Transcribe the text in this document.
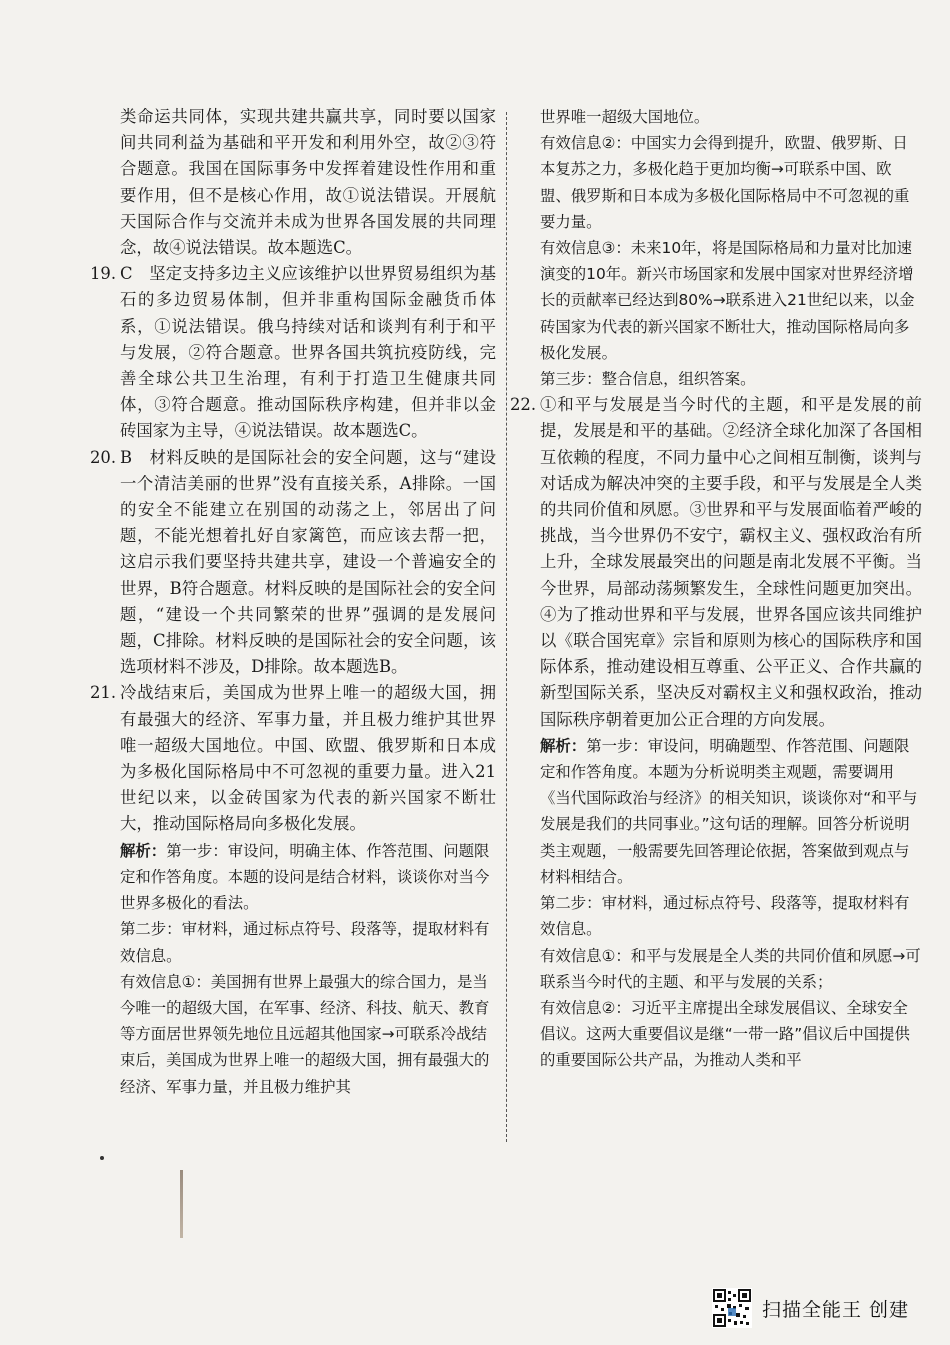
类命运共同体，实现共建共赢共享，同时要以国家间共同利益为基础和平开发和利用外空，故②③符合题意。我国在国际事务中发挥着建设性作用和重要作用，但不是核心作用，故①说法错误。开展航天国际合作与交流并未成为世界各国发展的共同理念，故④说法错误。故本题选C。

19. C　坚定支持多边主义应该维护以世界贸易组织为基石的多边贸易体制，但并非重构国际金融货币体系，①说法错误。俄乌持续对话和谈判有利于和平与发展，②符合题意。世界各国共筑抗疫防线，完善全球公共卫生治理，有利于打造卫生健康共同体，③符合题意。推动国际秩序构建，但并非以金砖国家为主导，④说法错误。故本题选C。

20. B　材料反映的是国际社会的安全问题，这与“建设一个清洁美丽的世界”没有直接关系，A排除。一国的安全不能建立在别国的动荡之上，邻居出了问题，不能光想着扎好自家篱笆，而应该去帮一把，这启示我们要坚持共建共享，建设一个普遍安全的世界，B符合题意。材料反映的是国际社会的安全问题，“建设一个共同繁荣的世界”强调的是发展问题，C排除。材料反映的是国际社会的安全问题，该选项材料不涉及，D排除。故本题选B。

21. 冷战结束后，美国成为世界上唯一的超级大国，拥有最强大的经济、军事力量，并且极力维护其世界唯一超级大国地位。中国、欧盟、俄罗斯和日本成为多极化国际格局中不可忽视的重要力量。进入21世纪以来，以金砖国家为代表的新兴国家不断壮大，推动国际格局向多极化发展。

解析：第一步：审设问，明确主体、作答范围、问题限定和作答角度。本题的设问是结合材料，谈谈你对当今世界多极化的看法。

第二步：审材料，通过标点符号、段落等，提取材料有效信息。

有效信息①：美国拥有世界上最强大的综合国力，是当今唯一的超级大国，在军事、经济、科技、航天、教育等方面居世界领先地位且远超其他国家→可联系冷战结束后，美国成为世界上唯一的超级大国，拥有最强大的经济、军事力量，并且极力维护其

世界唯一超级大国地位。

有效信息②：中国实力会得到提升，欧盟、俄罗斯、日本复苏之力，多极化趋于更加均衡→可联系中国、欧盟、俄罗斯和日本成为多极化国际格局中不可忽视的重要力量。

有效信息③：未来10年，将是国际格局和力量对比加速演变的10年。新兴市场国家和发展中国家对世界经济增长的贡献率已经达到80%→联系进入21世纪以来，以金砖国家为代表的新兴国家不断壮大，推动国际格局向多极化发展。

第三步：整合信息，组织答案。

22. ①和平与发展是当今时代的主题，和平是发展的前提，发展是和平的基础。②经济全球化加深了各国相互依赖的程度，不同力量中心之间相互制衡，谈判与对话成为解决冲突的主要手段，和平与发展是全人类的共同价值和夙愿。③世界和平与发展面临着严峻的挑战，当今世界仍不安宁，霸权主义、强权政治有所上升，全球发展最突出的问题是南北发展不平衡。当今世界，局部动荡频繁发生，全球性问题更加突出。④为了推动世界和平与发展，世界各国应该共同维护以《联合国宪章》宗旨和原则为核心的国际秩序和国际体系，推动建设相互尊重、公平正义、合作共赢的新型国际关系，坚决反对霸权主义和强权政治，推动国际秩序朝着更加公正合理的方向发展。

解析：第一步：审设问，明确题型、作答范围、问题限定和作答角度。本题为分析说明类主观题，需要调用《当代国际政治与经济》的相关知识，谈谈你对“和平与发展是我们的共同事业。”这句话的理解。回答分析说明类主观题，一般需要先回答理论依据，答案做到观点与材料相结合。

第二步：审材料，通过标点符号、段落等，提取材料有效信息。

有效信息①：和平与发展是全人类的共同价值和夙愿→可联系当今时代的主题、和平与发展的关系；

有效信息②：习近平主席提出全球发展倡议、全球安全倡议。这两大重要倡议是继“一带一路”倡议后中国提供的重要国际公共产品，为推动人类和平

扫描全能王 创建
